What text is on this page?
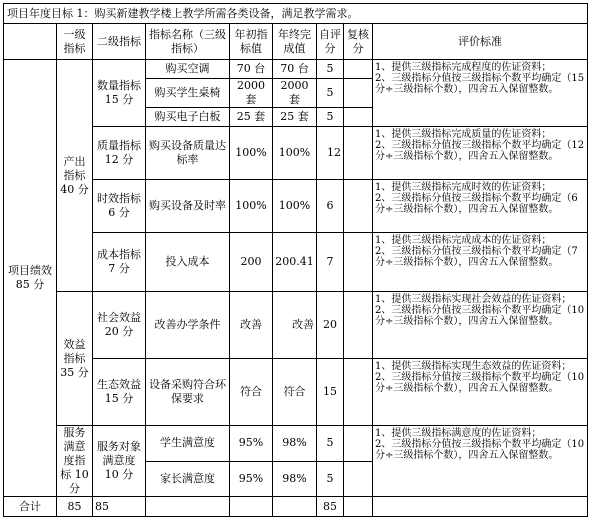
项目年度目标 1：购买新建教学楼上教学所需各类设备，满足教学需求。								
	一级指标	二级指标	指标名称（三级指标）	年初指标值	年终完成值	自评分	复核分	评价标准
项目绩效 85 分	产出指标 40 分	数量指标 15 分	购买空调	70 台	70 台	5		1、提供三级指标完成程度的佐证资料；
2、三级指标分值按三级指标个数平均确定（15 分÷三级指标个数），四舍五入保留整数。

			购买学生桌椅	2000 套	2000 套	5		
			购买电子白板	25 套	25 套	5		
		质量指标 12 分	购买设备质量达标率	100%	100%	12		1、提供三级指标完成质量的佐证资料；
2、三级指标分值按三级指标个数平均确定（12 分÷三级指标个数），四舍五入保留整数。

		时效指标 6 分	购买设备及时率	100%	100%	6		1、提供三级指标完成时效的佐证资料；
2、三级指标分值按三级指标个数平均确定（6 分÷三级指标个数），四舍五入保留整数。

		成本指标 7 分	投入成本	200	200.41	7		1、提供三级指标完成成本的佐证资料；
2、三级指标分值按三级指标个数平均确定（7 分÷三级指标个数），四舍五入保留整数。

	效益指标 35 分	社会效益 20 分	改善办学条件	改善	改善	20		1、提供三级指标实现社会效益的佐证资料；
2、三级指标分值按三级指标个数平均确定（10 分÷三级指标个数），四舍五入保留整数。

		生态效益 15 分	设备采购符合环保要求	符合	符合	15		1、提供三级指标实现生态效益的佐证资料；
2、三级指标分值按三级指标个数平均确定（10 分÷三级指标个数），四舍五入保留整数。

	服务满意度指标 10 分	服务对象满意度 10 分	学生满意度	95%	98%	5		1、提供三级指标满意度的佐证资料；
2、三级指标分值按三级指标个数平均确定（10 分÷三级指标个数），四舍五入保留整数。

			家长满意度	95%	98%	5		
合计	85	85				85		
